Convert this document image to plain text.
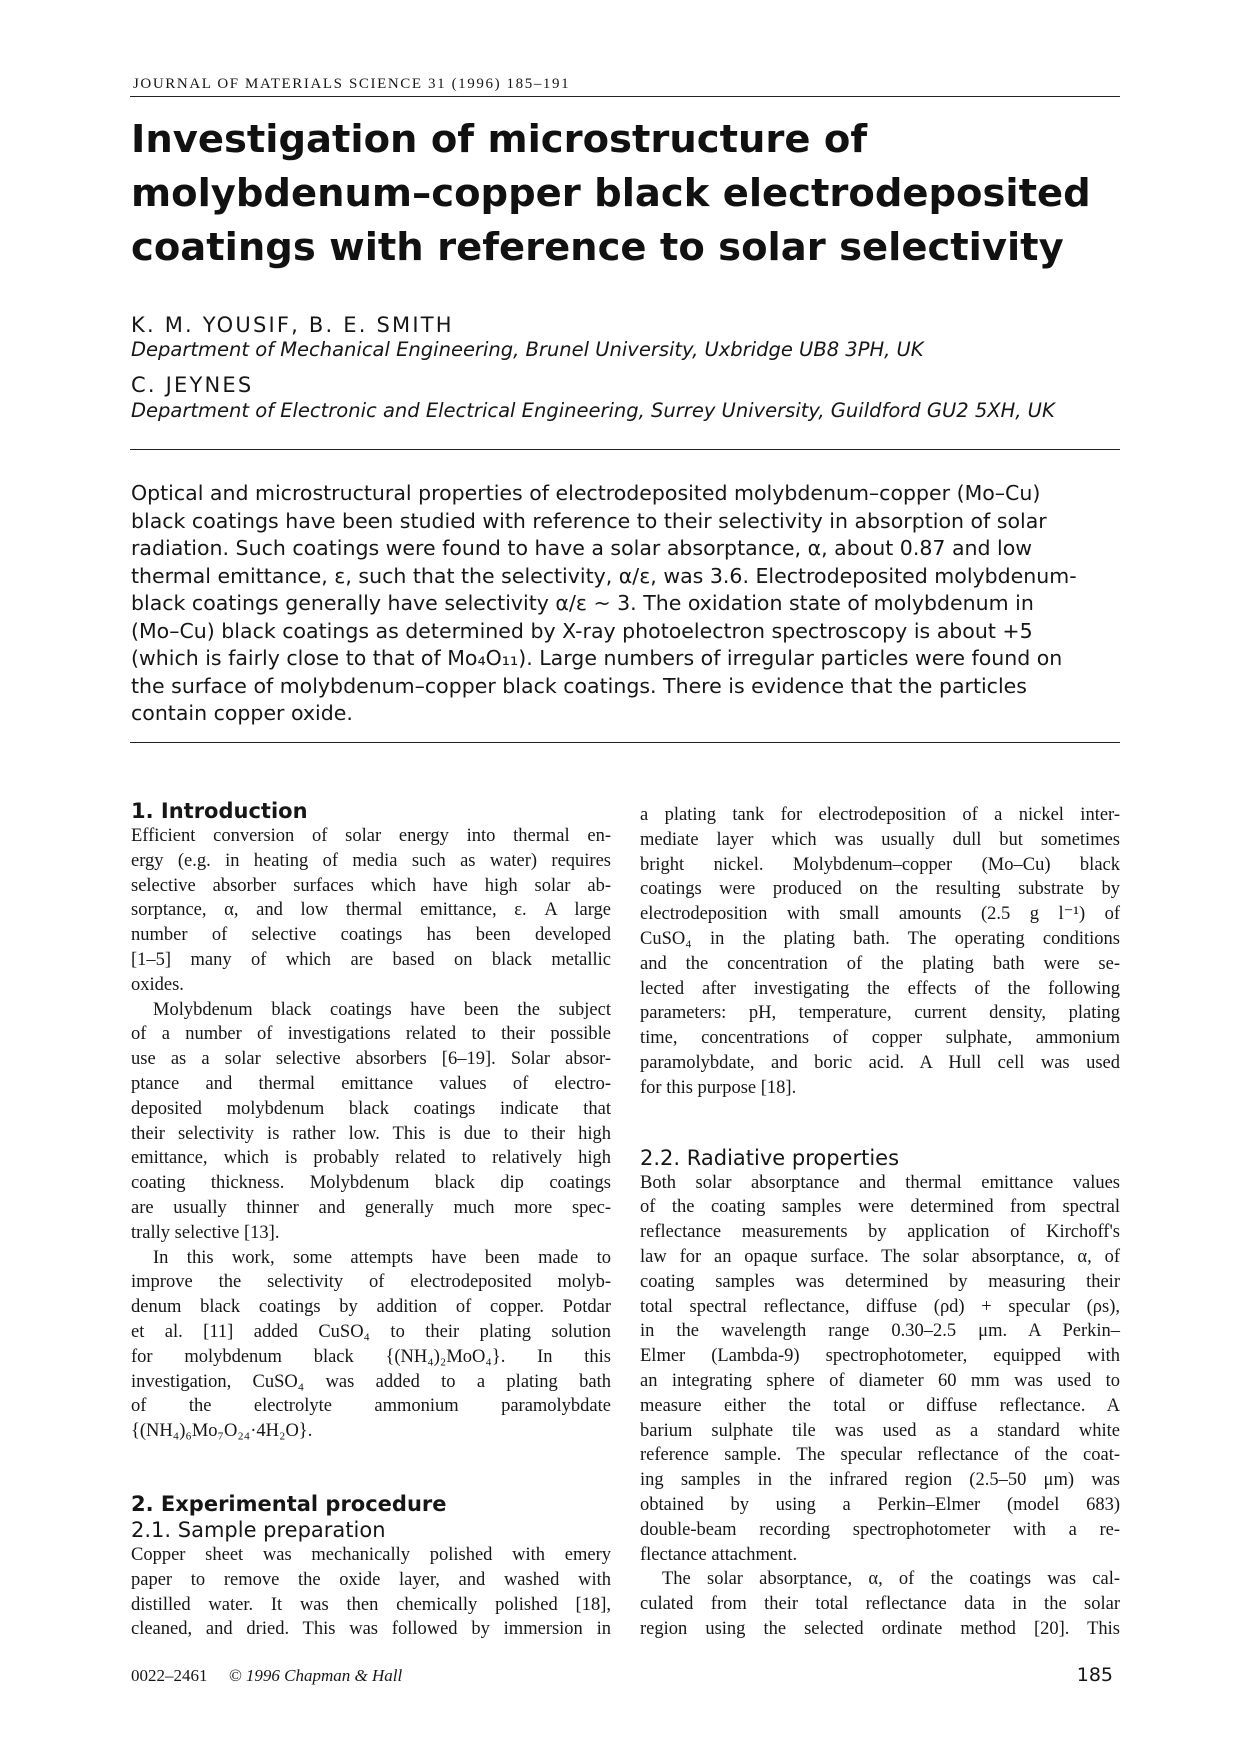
JOURNAL OF MATERIALS SCIENCE 31 (1996) 185–191
Investigation of microstructure of
molybdenum–copper black electrodeposited
coatings with reference to solar selectivity
K. M. YOUSIF, B. E. SMITH
Department of Mechanical Engineering, Brunel University, Uxbridge UB8 3PH, UK
C. JEYNES
Department of Electronic and Electrical Engineering, Surrey University, Guildford GU2 5XH, UK
Optical and microstructural properties of electrodeposited molybdenum–copper (Mo–Cu)
black coatings have been studied with reference to their selectivity in absorption of solar
radiation. Such coatings were found to have a solar absorptance, α, about 0.87 and low
thermal emittance, ε, such that the selectivity, α/ε, was 3.6. Electrodeposited molybdenum-
black coatings generally have selectivity α/ε ~ 3. The oxidation state of molybdenum in
(Mo–Cu) black coatings as determined by X-ray photoelectron spectroscopy is about +5
(which is fairly close to that of Mo₄O₁₁). Large numbers of irregular particles were found on
the surface of molybdenum–copper black coatings. There is evidence that the particles
contain copper oxide.
1. Introduction
Efficient conversion of solar energy into thermal en-
ergy (e.g. in heating of media such as water) requires
selective absorber surfaces which have high solar ab-
sorptance, α, and low thermal emittance, ε. A large
number of selective coatings has been developed
[1–5] many of which are based on black metallic
oxides.
Molybdenum black coatings have been the subject
of a number of investigations related to their possible
use as a solar selective absorbers [6–19]. Solar absor-
ptance and thermal emittance values of electro-
deposited molybdenum black coatings indicate that
their selectivity is rather low. This is due to their high
emittance, which is probably related to relatively high
coating thickness. Molybdenum black dip coatings
are usually thinner and generally much more spec-
trally selective [13].
In this work, some attempts have been made to
improve the selectivity of electrodeposited molyb-
denum black coatings by addition of copper. Potdar
et al. [11] added CuSO₄ to their plating solution
for molybdenum black {(NH₄)₂MoO₄}. In this
investigation, CuSO₄ was added to a plating bath
of the electrolyte ammonium paramolybdate
{(NH₄)₆Mo₇O₂₄·4H₂O}.
2. Experimental procedure
2.1. Sample preparation
Copper sheet was mechanically polished with emery
paper to remove the oxide layer, and washed with
distilled water. It was then chemically polished [18],
cleaned, and dried. This was followed by immersion in
a plating tank for electrodeposition of a nickel inter-
mediate layer which was usually dull but sometimes
bright nickel. Molybdenum–copper (Mo–Cu) black
coatings were produced on the resulting substrate by
electrodeposition with small amounts (2.5 g l⁻¹) of
CuSO₄ in the plating bath. The operating conditions
and the concentration of the plating bath were se-
lected after investigating the effects of the following
parameters: pH, temperature, current density, plating
time, concentrations of copper sulphate, ammonium
paramolybdate, and boric acid. A Hull cell was used
for this purpose [18].
2.2. Radiative properties
Both solar absorptance and thermal emittance values
of the coating samples were determined from spectral
reflectance measurements by application of Kirchoff's
law for an opaque surface. The solar absorptance, α, of
coating samples was determined by measuring their
total spectral reflectance, diffuse (ρd) + specular (ρs),
in the wavelength range 0.30–2.5 μm. A Perkin–
Elmer (Lambda-9) spectrophotometer, equipped with
an integrating sphere of diameter 60 mm was used to
measure either the total or diffuse reflectance. A
barium sulphate tile was used as a standard white
reference sample. The specular reflectance of the coat-
ing samples in the infrared region (2.5–50 μm) was
obtained by using a Perkin–Elmer (model 683)
double-beam recording spectrophotometer with a re-
flectance attachment.
The solar absorptance, α, of the coatings was cal-
culated from their total reflectance data in the solar
region using the selected ordinate method [20]. This
0022–2461 © 1996 Chapman & Hall	185
